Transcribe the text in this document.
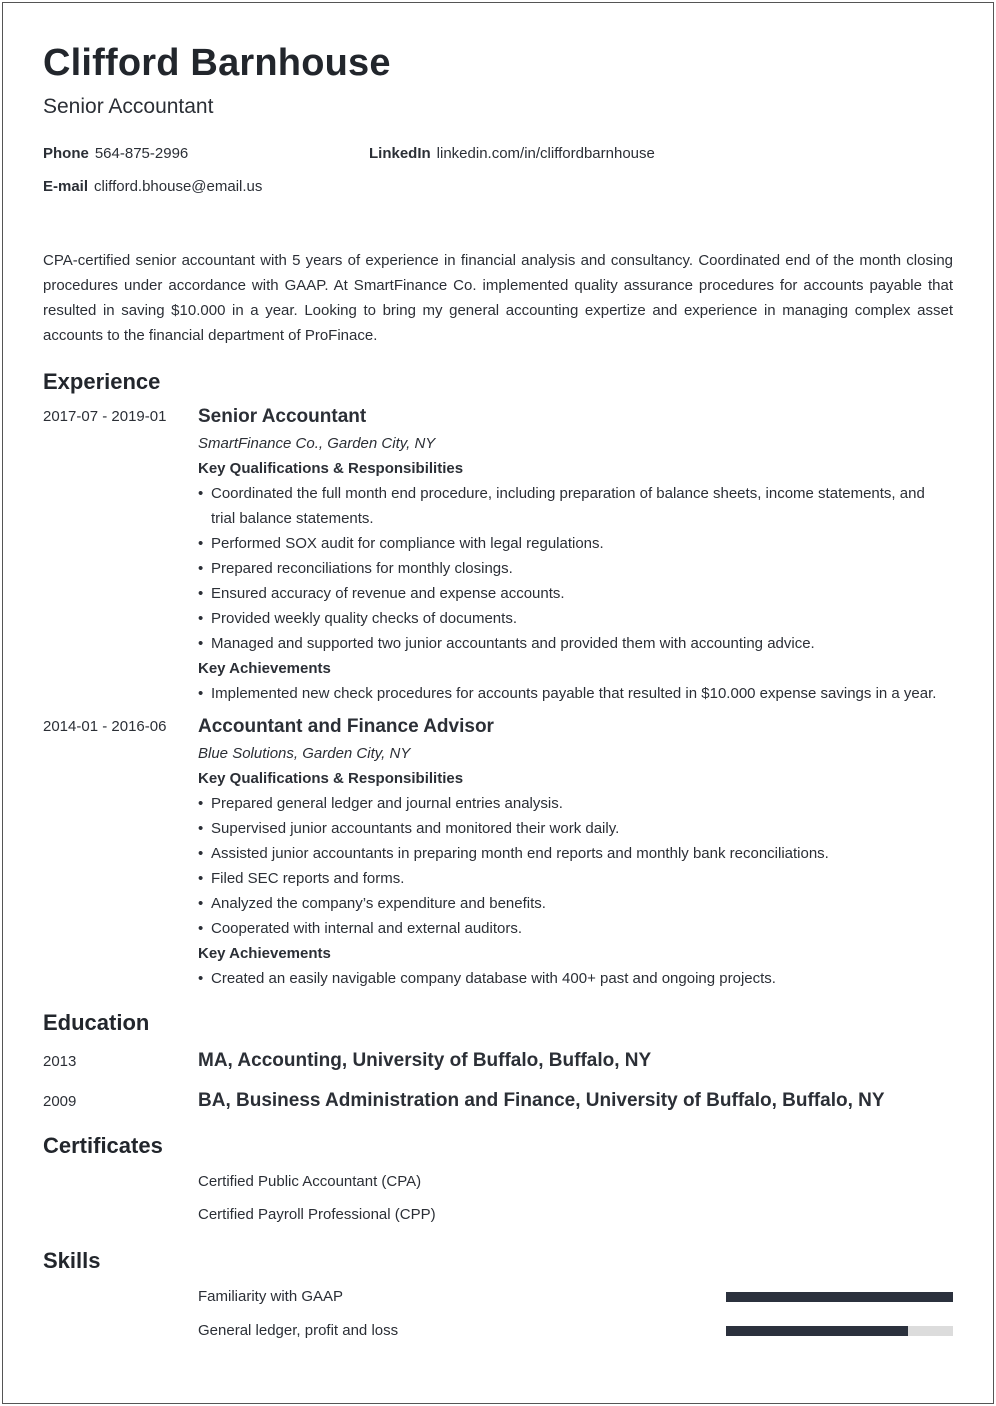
Clifford Barnhouse
Senior Accountant
Phone 564-875-2996	LinkedIn linkedin.com/in/cliffordbarnhouse
E-mail clifford.bhouse@email.us
CPA-certified senior accountant with 5 years of experience in financial analysis and consultancy. Coordinated end of the month closing procedures under accordance with GAAP. At SmartFinance Co. implemented quality assurance procedures for accounts payable that resulted in saving $10.000 in a year. Looking to bring my general accounting expertize and experience in managing complex asset accounts to the financial department of ProFinace.
Experience
2017-07 - 2019-01	Senior Accountant
SmartFinance Co., Garden City, NY
Key Qualifications & Responsibilities
• Coordinated the full month end procedure, including preparation of balance sheets, income statements, and trial balance statements.
• Performed SOX audit for compliance with legal regulations.
• Prepared reconciliations for monthly closings.
• Ensured accuracy of revenue and expense accounts.
• Provided weekly quality checks of documents.
• Managed and supported two junior accountants and provided them with accounting advice.
Key Achievements
• Implemented new check procedures for accounts payable that resulted in $10.000 expense savings in a year.
2014-01 - 2016-06	Accountant and Finance Advisor
Blue Solutions, Garden City, NY
Key Qualifications & Responsibilities
• Prepared general ledger and journal entries analysis.
• Supervised junior accountants and monitored their work daily.
• Assisted junior accountants in preparing month end reports and monthly bank reconciliations.
• Filed SEC reports and forms.
• Analyzed the company’s expenditure and benefits.
• Cooperated with internal and external auditors.
Key Achievements
• Created an easily navigable company database with 400+ past and ongoing projects.
Education
2013	MA, Accounting, University of Buffalo, Buffalo, NY
2009	BA, Business Administration and Finance, University of Buffalo, Buffalo, NY
Certificates
Certified Public Accountant (CPA)
Certified Payroll Professional (CPP)
Skills
Familiarity with GAAP
General ledger, profit and loss
